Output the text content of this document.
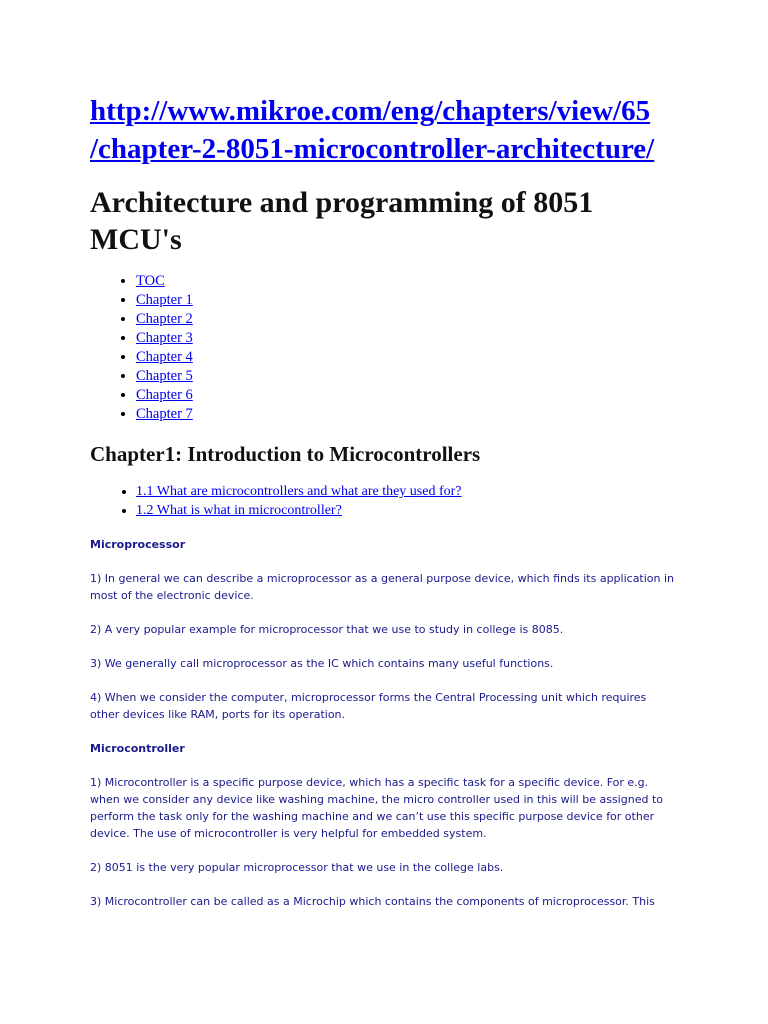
http://www.mikroe.com/eng/chapters/view/65
/chapter-2-8051-microcontroller-architecture/
Architecture and programming of 8051 MCU's
• TOC
• Chapter 1
• Chapter 2
• Chapter 3
• Chapter 4
• Chapter 5
• Chapter 6
• Chapter 7
Chapter1: Introduction to Microcontrollers
• 1.1 What are microcontrollers and what are they used for?
• 1.2 What is what in microcontroller?

Microprocessor

1) In general we can describe a microprocessor as a general purpose device, which finds its application in most of the electronic device.

2) A very popular example for microprocessor that we use to study in college is 8085.

3) We generally call microprocessor as the IC which contains many useful functions.

4) When we consider the computer, microprocessor forms the Central Processing unit which requires other devices like RAM, ports for its operation.

Microcontroller

1) Microcontroller is a specific purpose device, which has a specific task for a specific device. For e.g. when we consider any device like washing machine, the micro controller used in this will be assigned to perform the task only for the washing machine and we can’t use this specific purpose device for other device. The use of microcontroller is very helpful for embedded system.

2) 8051 is the very popular microprocessor that we use in the college labs.

3) Microcontroller can be called as a Microchip which contains the components of microprocessor. This
